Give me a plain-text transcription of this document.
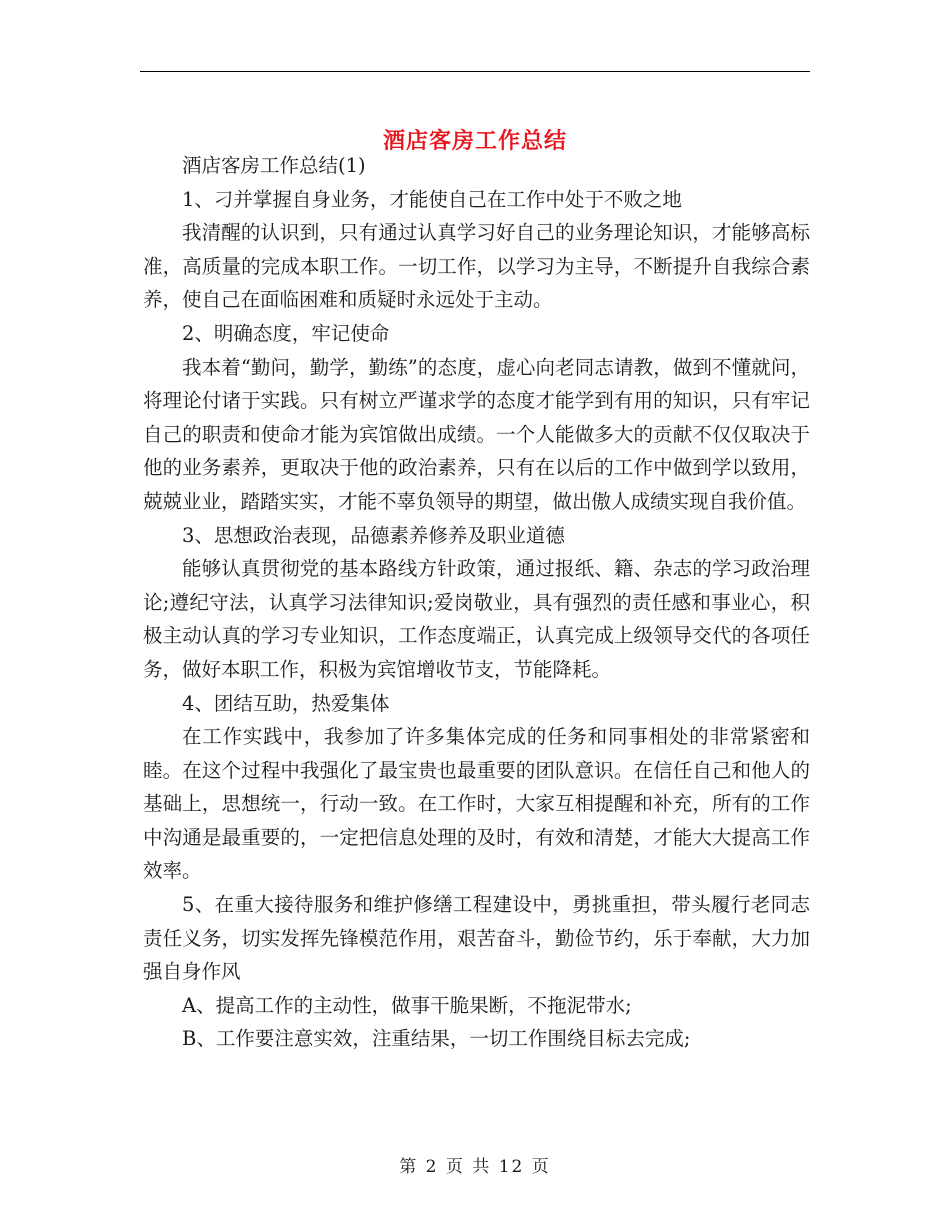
酒店客房工作总结

酒店客房工作总结(1)

1、刁并掌握自身业务，才能使自己在工作中处于不败之地

我清醒的认识到，只有通过认真学习好自己的业务理论知识，才能够高标准，高质量的完成本职工作。一切工作，以学习为主导，不断提升自我综合素养，使自己在面临困难和质疑时永远处于主动。

2、明确态度，牢记使命

我本着“勤问，勤学，勤练”的态度，虚心向老同志请教，做到不懂就问，将理论付诸于实践。只有树立严谨求学的态度才能学到有用的知识，只有牢记自己的职责和使命才能为宾馆做出成绩。一个人能做多大的贡献不仅仅取决于他的业务素养，更取决于他的政治素养，只有在以后的工作中做到学以致用，兢兢业业，踏踏实实，才能不辜负领导的期望，做出傲人成绩实现自我价值。

3、思想政治表现，品德素养修养及职业道德

能够认真贯彻党的基本路线方针政策，通过报纸、籍、杂志的学习政治理论;遵纪守法，认真学习法律知识;爱岗敬业，具有强烈的责任感和事业心，积极主动认真的学习专业知识，工作态度端正，认真完成上级领导交代的各项任务，做好本职工作，积极为宾馆增收节支，节能降耗。

4、团结互助，热爱集体

在工作实践中，我参加了许多集体完成的任务和同事相处的非常紧密和睦。在这个过程中我强化了最宝贵也最重要的团队意识。在信任自己和他人的基础上，思想统一，行动一致。在工作时，大家互相提醒和补充，所有的工作中沟通是最重要的，一定把信息处理的及时，有效和清楚，才能大大提高工作效率。

5、在重大接待服务和维护修缮工程建设中，勇挑重担，带头履行老同志责任义务，切实发挥先锋模范作用，艰苦奋斗，勤俭节约，乐于奉献，大力加强自身作风

A、提高工作的主动性，做事干脆果断，不拖泥带水;

B、工作要注意实效，注重结果，一切工作围绕目标去完成;

第 2 页 共 12 页
